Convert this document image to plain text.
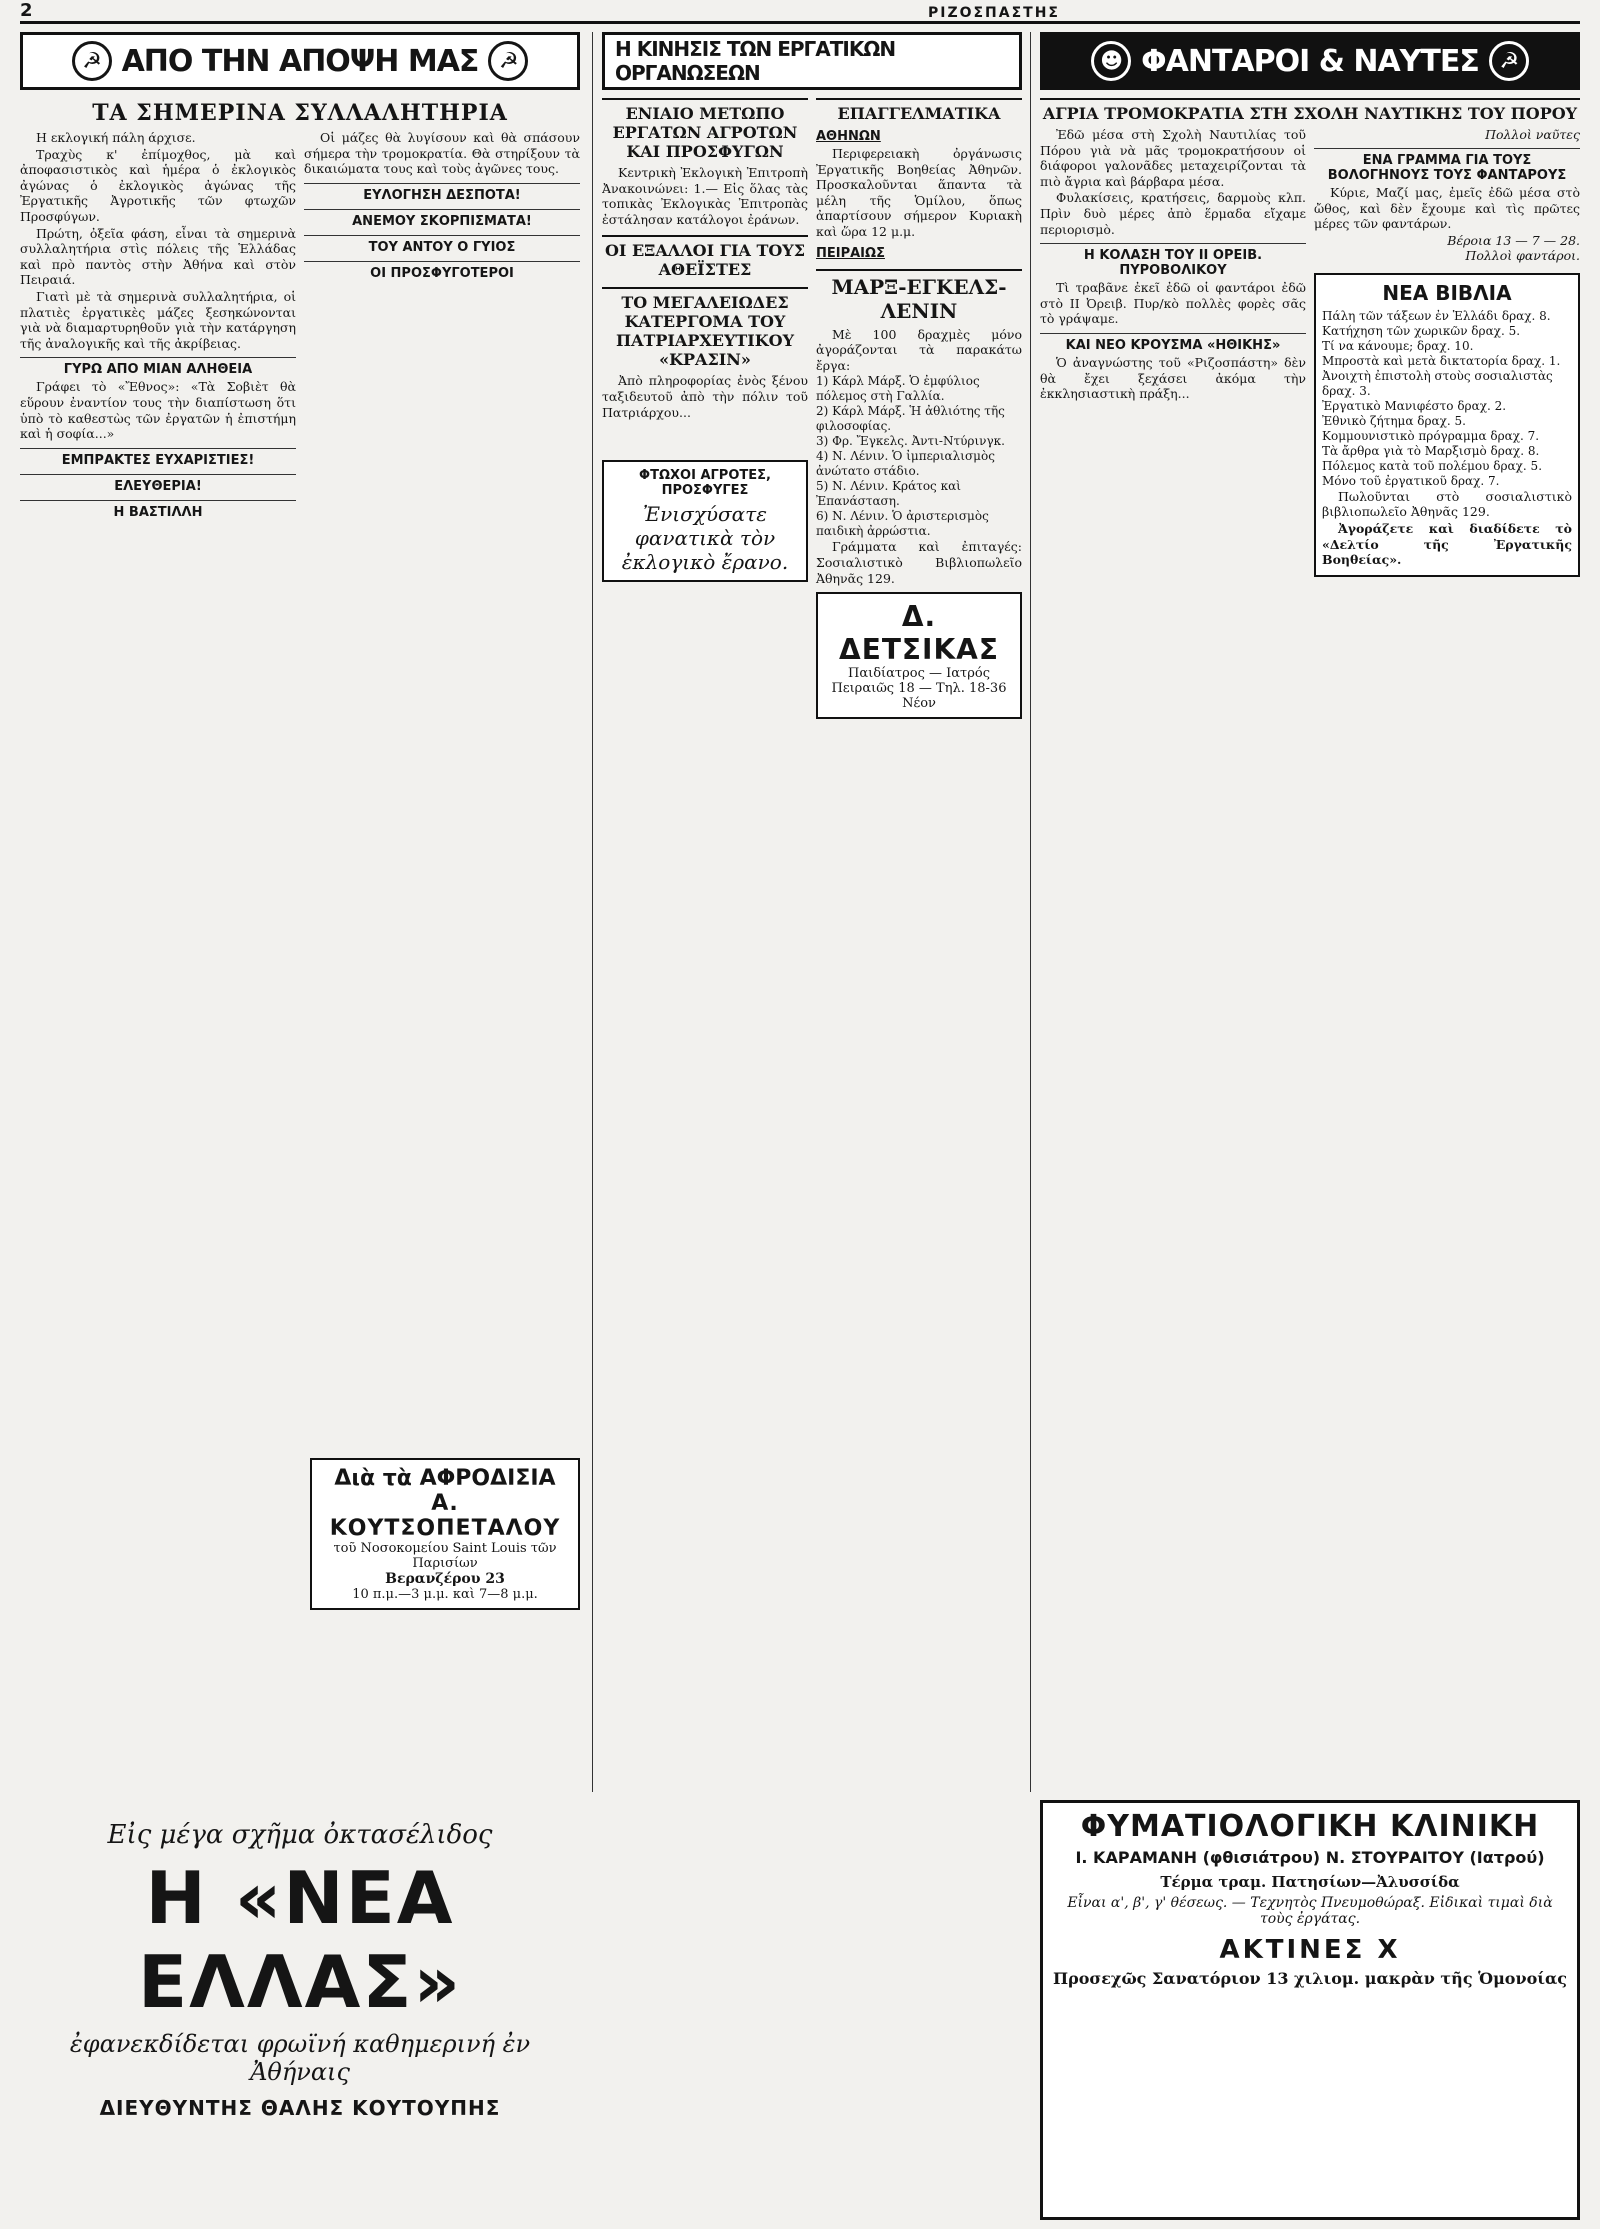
2	ΡΙΖΟΣΠΑΣΤΗΣ
☭ ΑΠΟ ΤΗΝ ΑΠΟΨΗ ΜΑΣ ☭
ΤΑ ΣΗΜΕΡΙΝΑ ΣΥΛΛΑΛΗΤΗΡΙΑ

Η εκλογική πάλη άρχισε.

Τραχὺς κ' ἐπίμοχθος, μὰ καὶ ἀποφασιστικὸς καὶ ἡμέρα ὁ ἐκλογικὸς ἀγώνας ὁ ἐκλογικὸς ἀγώνας τῆς Ἐργατικῆς Ἀγροτικῆς τῶν φτωχῶν Προσφύγων.

Πρώτη, ὀξεῖα φάση, εἶναι τὰ σημερινὰ συλλαλητήρια στὶς πόλεις τῆς Ἑλλάδας καὶ πρὸ παντὸς στὴν Ἀθήνα καὶ στὸν Πειραιά.

Γιατὶ μὲ τὰ σημερινὰ συλλαλητήρια, οἱ πλατιὲς ἐργατικὲς μάζες ξεσηκώνονται γιὰ νὰ διαμαρτυρηθοῦν γιὰ τὴν κατάργηση τῆς ἀναλογικῆς καὶ τῆς ἀκρίβειας.

ΓΥΡΩ ΑΠΟ ΜΙΑΝ ΑΛΗΘΕΙΑ

Γράφει τὸ «Ἔθνος»: «Τὰ Σοβιὲτ θὰ εὕρουν ἐναντίον τους τὴν διαπίστωση ὅτι ὑπὸ τὸ καθεστὼς τῶν ἐργατῶν ἡ ἐπιστήμη καὶ ἡ σοφία...»

ΕΜΠΡΑΚΤΕΣ ΕΥΧΑΡΙΣΤΙΕΣ!
ΕΛΕΥΘΕΡΙΑ!
Η ΒΑΣΤΙΛΛΗ

Οἱ μάζες θὰ λυγίσουν καὶ θὰ σπάσουν σήμερα τὴν τρομοκρατία. Θὰ στηρίξουν τὰ δικαιώματα τους καὶ τοὺς ἀγῶνες τους.

ΕΥΛΟΓΗΣΗ ΔΕΣΠΟΤΑ!
ΑΝΕΜΟΥ ΣΚΟΡΠΙΣΜΑΤΑ!
ΤΟΥ ΑΝΤΟΥ Ο ΓΥΙΟΣ
ΟΙ ΠΡΟΣΦΥΓΟΤΕΡΟΙ
Διὰ τὰ ΑΦΡΟΔΙΣΙΑ
Α. ΚΟΥΤΣΟΠΕΤΑΛΟΥ
τοῦ Νοσοκομείου Saint Louis τῶν Παρισίων
Βερανζέρου 23
10 π.μ.—3 μ.μ. καὶ 7—8 μ.μ.
Η ΚΙΝΗΣΙΣ ΤΩΝ ΕΡΓΑΤΙΚΩΝ ΟΡΓΑΝΩΣΕΩΝ
ΕΝΙΑΙΟ ΜΕΤΩΠΟ ΕΡΓΑΤΩΝ ΑΓΡΟΤΩΝ ΚΑΙ ΠΡΟΣΦΥΓΩΝ

Κεντρικὴ Ἐκλογικὴ Ἐπιτροπὴ Ἀνακοινώνει: 1.— Εἰς ὅλας τὰς τοπικὰς Ἐκλογικὰς Ἐπιτροπὰς ἐστάλησαν κατάλογοι ἐράνων.

ΟΙ ΕΞΑΛΛΟΙ ΓΙΑ ΤΟΥΣ ΑΘΕΪΣΤΕΣ
ΤΟ ΜΕΓΑΛΕΙΩΔΕΣ ΚΑΤΕΡΓΟΜΑ ΤΟΥ ΠΑΤΡΙΑΡΧΕΥΤΙΚΟΥ «ΚΡΑΣΙΝ»

Ἀπὸ πληροφορίας ἐνὸς ξένου ταξιδευτοῦ ἀπὸ τὴν πόλιν τοῦ Πατριάρχου...

ΦΤΩΧΟΙ ΑΓΡΟΤΕΣ, ΠΡΟΣΦΥΓΕΣ
Ἐνισχύσατε φανατικὰ τὸν ἐκλογικὸ ἔρανο.
ΕΠΑΓΓΕΛΜΑΤΙΚΑ
ΑΘΗΝΩΝ

Περιφερειακὴ ὀργάνωσις Ἐργατικῆς Βοηθείας Ἀθηνῶν. Προσκαλοῦνται ἅπαντα τὰ μέλη τῆς Ὁμίλου, ὅπως ἀπαρτίσουν σήμερον Κυριακὴ καὶ ὥρα 12 μ.μ.

ΠΕΙΡΑΙΩΣ
ΜΑΡΞ-ΕΓΚΕΛΣ-ΛΕΝΙΝ

Μὲ 100 δραχμὲς μόνο ἀγοράζονται τὰ παρακάτω ἔργα:

1) Κάρλ Μάρξ. Ὁ ἐμφύλιος πόλεμος στὴ Γαλλία.
2) Κάρλ Μάρξ. Ἡ ἀθλιότης τῆς φιλοσοφίας.
3) Φρ. Ἔγκελς. Ἀντι-Ντύρινγκ.
4) Ν. Λένιν. Ὁ ἰμπεριαλισμὸς ἀνώτατο στάδιο.
5) Ν. Λένιν. Κράτος καὶ Ἐπανάσταση.
6) Ν. Λένιν. Ὁ ἀριστερισμὸς παιδικὴ ἀρρώστια.

Γράμματα καὶ ἐπιταγές: Σοσιαλιστικὸ Βιβλιοπωλεῖο Ἀθηνᾶς 129.

Δ. ΔΕΤΣΙΚΑΣ
Παιδίατρος — Ιατρός
Πειραιῶς 18 — Τηλ. 18-36 Νέον
☻ ΦΑΝΤΑΡΟΙ & ΝΑΥΤΕΣ ☭
ΑΓΡΙΑ ΤΡΟΜΟΚΡΑΤΙΑ ΣΤΗ ΣΧΟΛΗ ΝΑΥΤΙΚΗΣ ΤΟΥ ΠΟΡΟΥ

Ἐδῶ μέσα στὴ Σχολὴ Ναυτιλίας τοῦ Πόρου γιὰ νὰ μᾶς τρομοκρατήσουν οἱ διάφοροι γαλονᾶδες μεταχειρίζονται τὰ πιὸ ἄγρια καὶ βάρβαρα μέσα.

Φυλακίσεις, κρατήσεις, δαρμοὺς κλπ. Πρὶν δυὸ μέρες ἀπὸ ἕρμαδα εἴχαμε περιορισμὸ.

Η ΚΟΛΑΣΗ ΤΟΥ ΙΙ ΟΡΕΙΒ. ΠΥΡΟΒΟΛΙΚΟΥ

Τὶ τραβᾶνε ἐκεῖ ἐδῶ οἱ φαντάροι ἐδῶ στὸ ΙΙ Ὀρειβ. Πυρ/κὸ πολλὲς φορὲς σᾶς τὸ γράψαμε.

ΚΑΙ ΝΕΟ ΚΡΟΥΣΜΑ «ΗΘΙΚΗΣ»

Ὁ ἀναγνώστης τοῦ «Ριζοσπάστη» δὲν θὰ ἔχει ξεχάσει ἀκόμα τὴν ἐκκλησιαστικὴ πράξη...

Πολλοὶ ναῦτες
ΕΝΑ ΓΡΑΜΜΑ ΓΙΑ ΤΟΥΣ ΒΟΛΟΓΗΝΟΥΣ ΤΟΥΣ ΦΑΝΤΑΡΟΥΣ

Κύριε, Μαζί μας, ἐμεῖς ἐδῶ μέσα στὸ ὤθος, καὶ δὲν ἔχουμε καὶ τὶς πρῶτες μέρες τῶν φαντάρων.

Βέροια 13 — 7 — 28.
Πολλοὶ φαντάροι.
ΝΕΑ ΒΙΒΛΙΑ
Πάλη τῶν τάξεων ἐν Ἑλλάδι δραχ. 8.
Κατήχηση τῶν χωρικῶν δραχ. 5.
Τί να κάνουμε; δραχ. 10.
Μπροστὰ καὶ μετὰ δικτατορία δραχ. 1.
Ἀνοιχτὴ ἐπιστολὴ στοὺς σοσιαλιστὰς δραχ. 3.
Ἐργατικὸ Μανιφέστο δραχ. 2.
Ἐθνικὸ ζήτημα δραχ. 5.
Κομμουνιστικὸ πρόγραμμα δραχ. 7.
Τὰ ἄρθρα γιὰ τὸ Μαρξισμὸ δραχ. 8.
Πόλεμος κατὰ τοῦ πολέμου δραχ. 5.
Μόνο τοῦ ἐργατικοῦ δραχ. 7.

Πωλοῦνται στὸ σοσιαλιστικὸ βιβλιοπωλεῖο Ἀθηνᾶς 129.

Ἀγοράζετε καὶ διαδίδετε τὸ «Δελτίο τῆς Ἐργατικῆς Βοηθείας».

Εἰς μέγα σχῆμα ὀκτασέλιδος
Η «ΝΕΑ ΕΛΛΑΣ»
ἐφανεκδίδεται φρωϊνή καθημερινή ἐν Ἀθήναις
ΔΙΕΥΘΥΝΤΗΣ ΘΑΛΗΣ ΚΟΥΤΟΥΠΗΣ
ΦΥΜΑΤΙΟΛΟΓΙΚΗ ΚΛΙΝΙΚΗ
Ι. ΚΑΡΑΜΑΝΗ (φθισιάτρου) Ν. ΣΤΟΥΡΑΙΤΟΥ (Ιατρού)
Τέρμα τραμ. Πατησίων—Ἀλυσσίδα
Εἶναι α', β', γ' θέσεως. — Τεχνητὸς Πνευμοθώραξ. Εἰδικαὶ τιμαὶ διὰ τοὺς ἐργάτας.
ΑΚΤΙΝΕΣ Χ
Προσεχῶς Σανατόριον 13 χιλιομ. μακρὰν τῆς Ὁμονοίας
